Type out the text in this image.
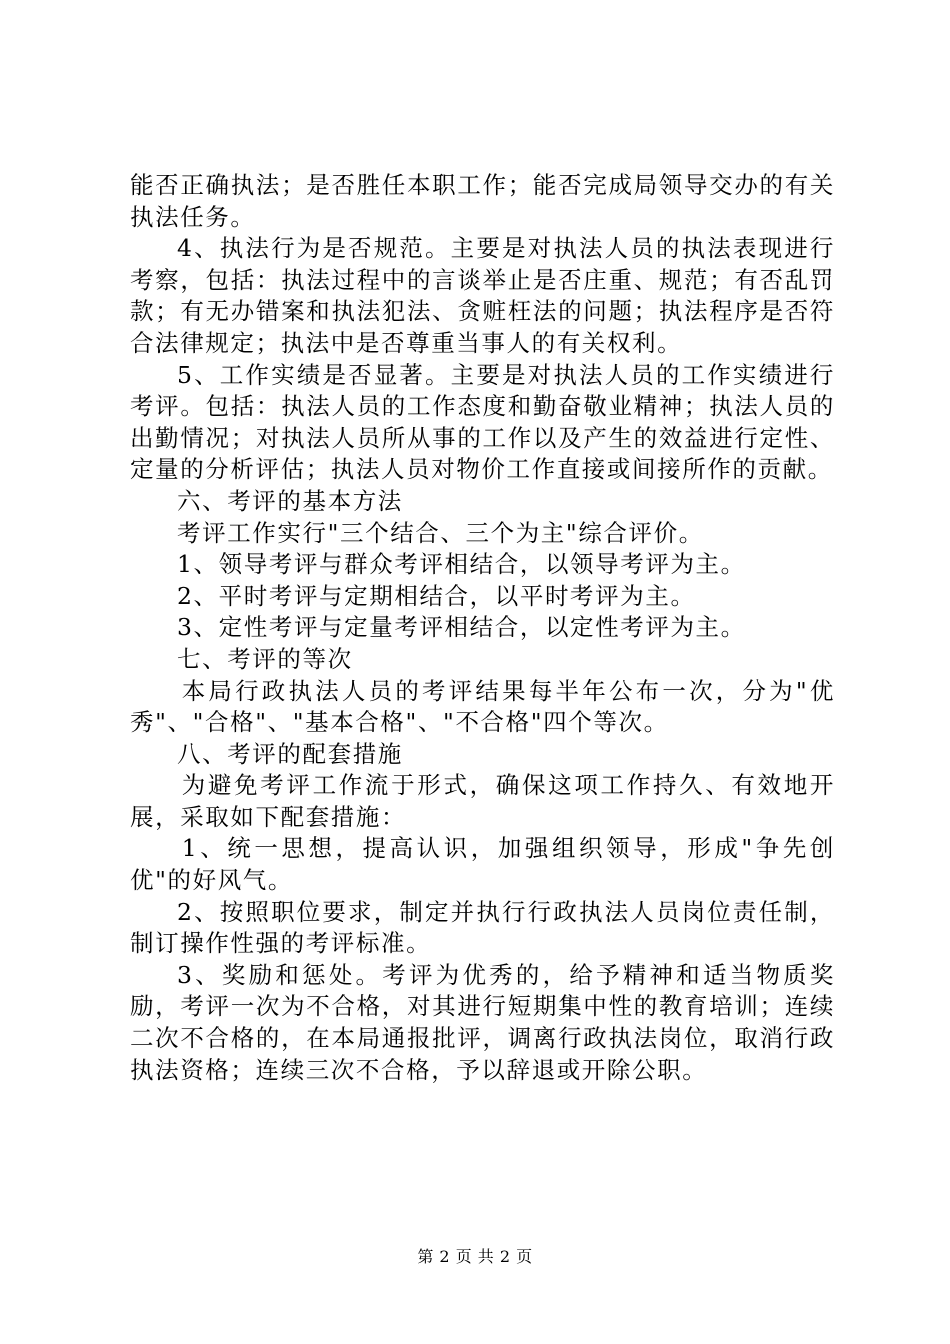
能否正确执法；是否胜任本职工作；能否完成局领导交办的有关执法任务。

4、执法行为是否规范。主要是对执法人员的执法表现进行考察，包括：执法过程中的言谈举止是否庄重、规范；有否乱罚款；有无办错案和执法犯法、贪赃枉法的问题；执法程序是否符合法律规定；执法中是否尊重当事人的有关权利。

5、工作实绩是否显著。主要是对执法人员的工作实绩进行考评。包括：执法人员的工作态度和勤奋敬业精神；执法人员的出勤情况；对执法人员所从事的工作以及产生的效益进行定性、定量的分析评估；执法人员对物价工作直接或间接所作的贡献。

六、考评的基本方法

考评工作实行"三个结合、三个为主"综合评价。

1、领导考评与群众考评相结合，以领导考评为主。

2、平时考评与定期相结合，以平时考评为主。

3、定性考评与定量考评相结合，以定性考评为主。

七、考评的等次

本局行政执法人员的考评结果每半年公布一次，分为"优秀"、"合格"、"基本合格"、"不合格"四个等次。

八、考评的配套措施

为避免考评工作流于形式，确保这项工作持久、有效地开展，采取如下配套措施：

1、统一思想，提高认识，加强组织领导，形成"争先创优"的好风气。

2、按照职位要求，制定并执行行政执法人员岗位责任制，制订操作性强的考评标准。

3、奖励和惩处。考评为优秀的，给予精神和适当物质奖励，考评一次为不合格，对其进行短期集中性的教育培训；连续二次不合格的，在本局通报批评，调离行政执法岗位，取消行政执法资格；连续三次不合格，予以辞退或开除公职。

第 2 页 共 2 页
